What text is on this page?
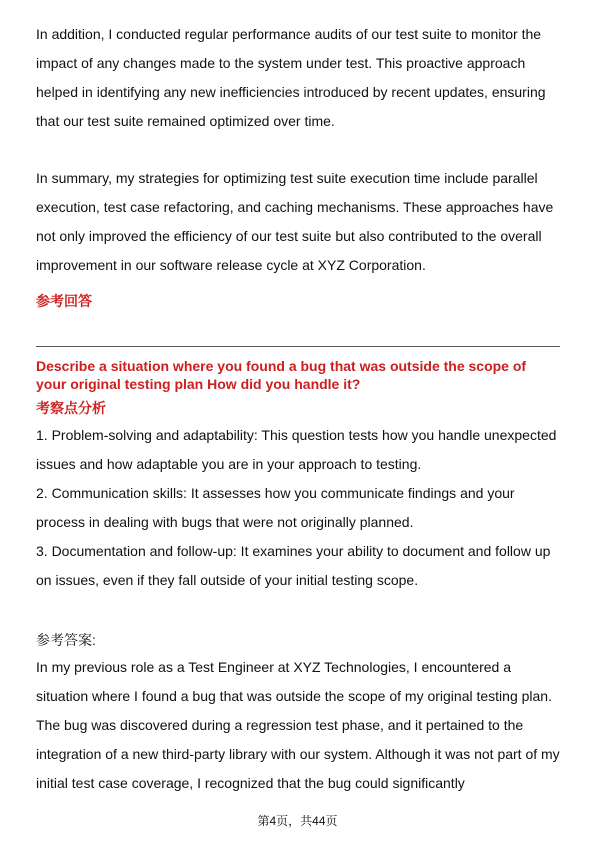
In addition, I conducted regular performance audits of our test suite to monitor the impact of any changes made to the system under test. This proactive approach helped in identifying any new inefficiencies introduced by recent updates, ensuring that our test suite remained optimized over time.

In summary, my strategies for optimizing test suite execution time include parallel execution, test case refactoring, and caching mechanisms. These approaches have not only improved the efficiency of our test suite but also contributed to the overall improvement in our software release cycle at XYZ Corporation.

参考回答

Describe a situation where you found a bug that was outside the scope of your original testing plan How did you handle it?

考察点分析

1. Problem-solving and adaptability: This question tests how you handle unexpected issues and how adaptable you are in your approach to testing.

2. Communication skills: It assesses how you communicate findings and your process in dealing with bugs that were not originally planned.

3. Documentation and follow-up: It examines your ability to document and follow up on issues, even if they fall outside of your initial testing scope.

参考答案:

In my previous role as a Test Engineer at XYZ Technologies, I encountered a situation where I found a bug that was outside the scope of my original testing plan. The bug was discovered during a regression test phase, and it pertained to the integration of a new third-party library with our system. Although it was not part of my initial test case coverage, I recognized that the bug could significantly

第4页，共44页
